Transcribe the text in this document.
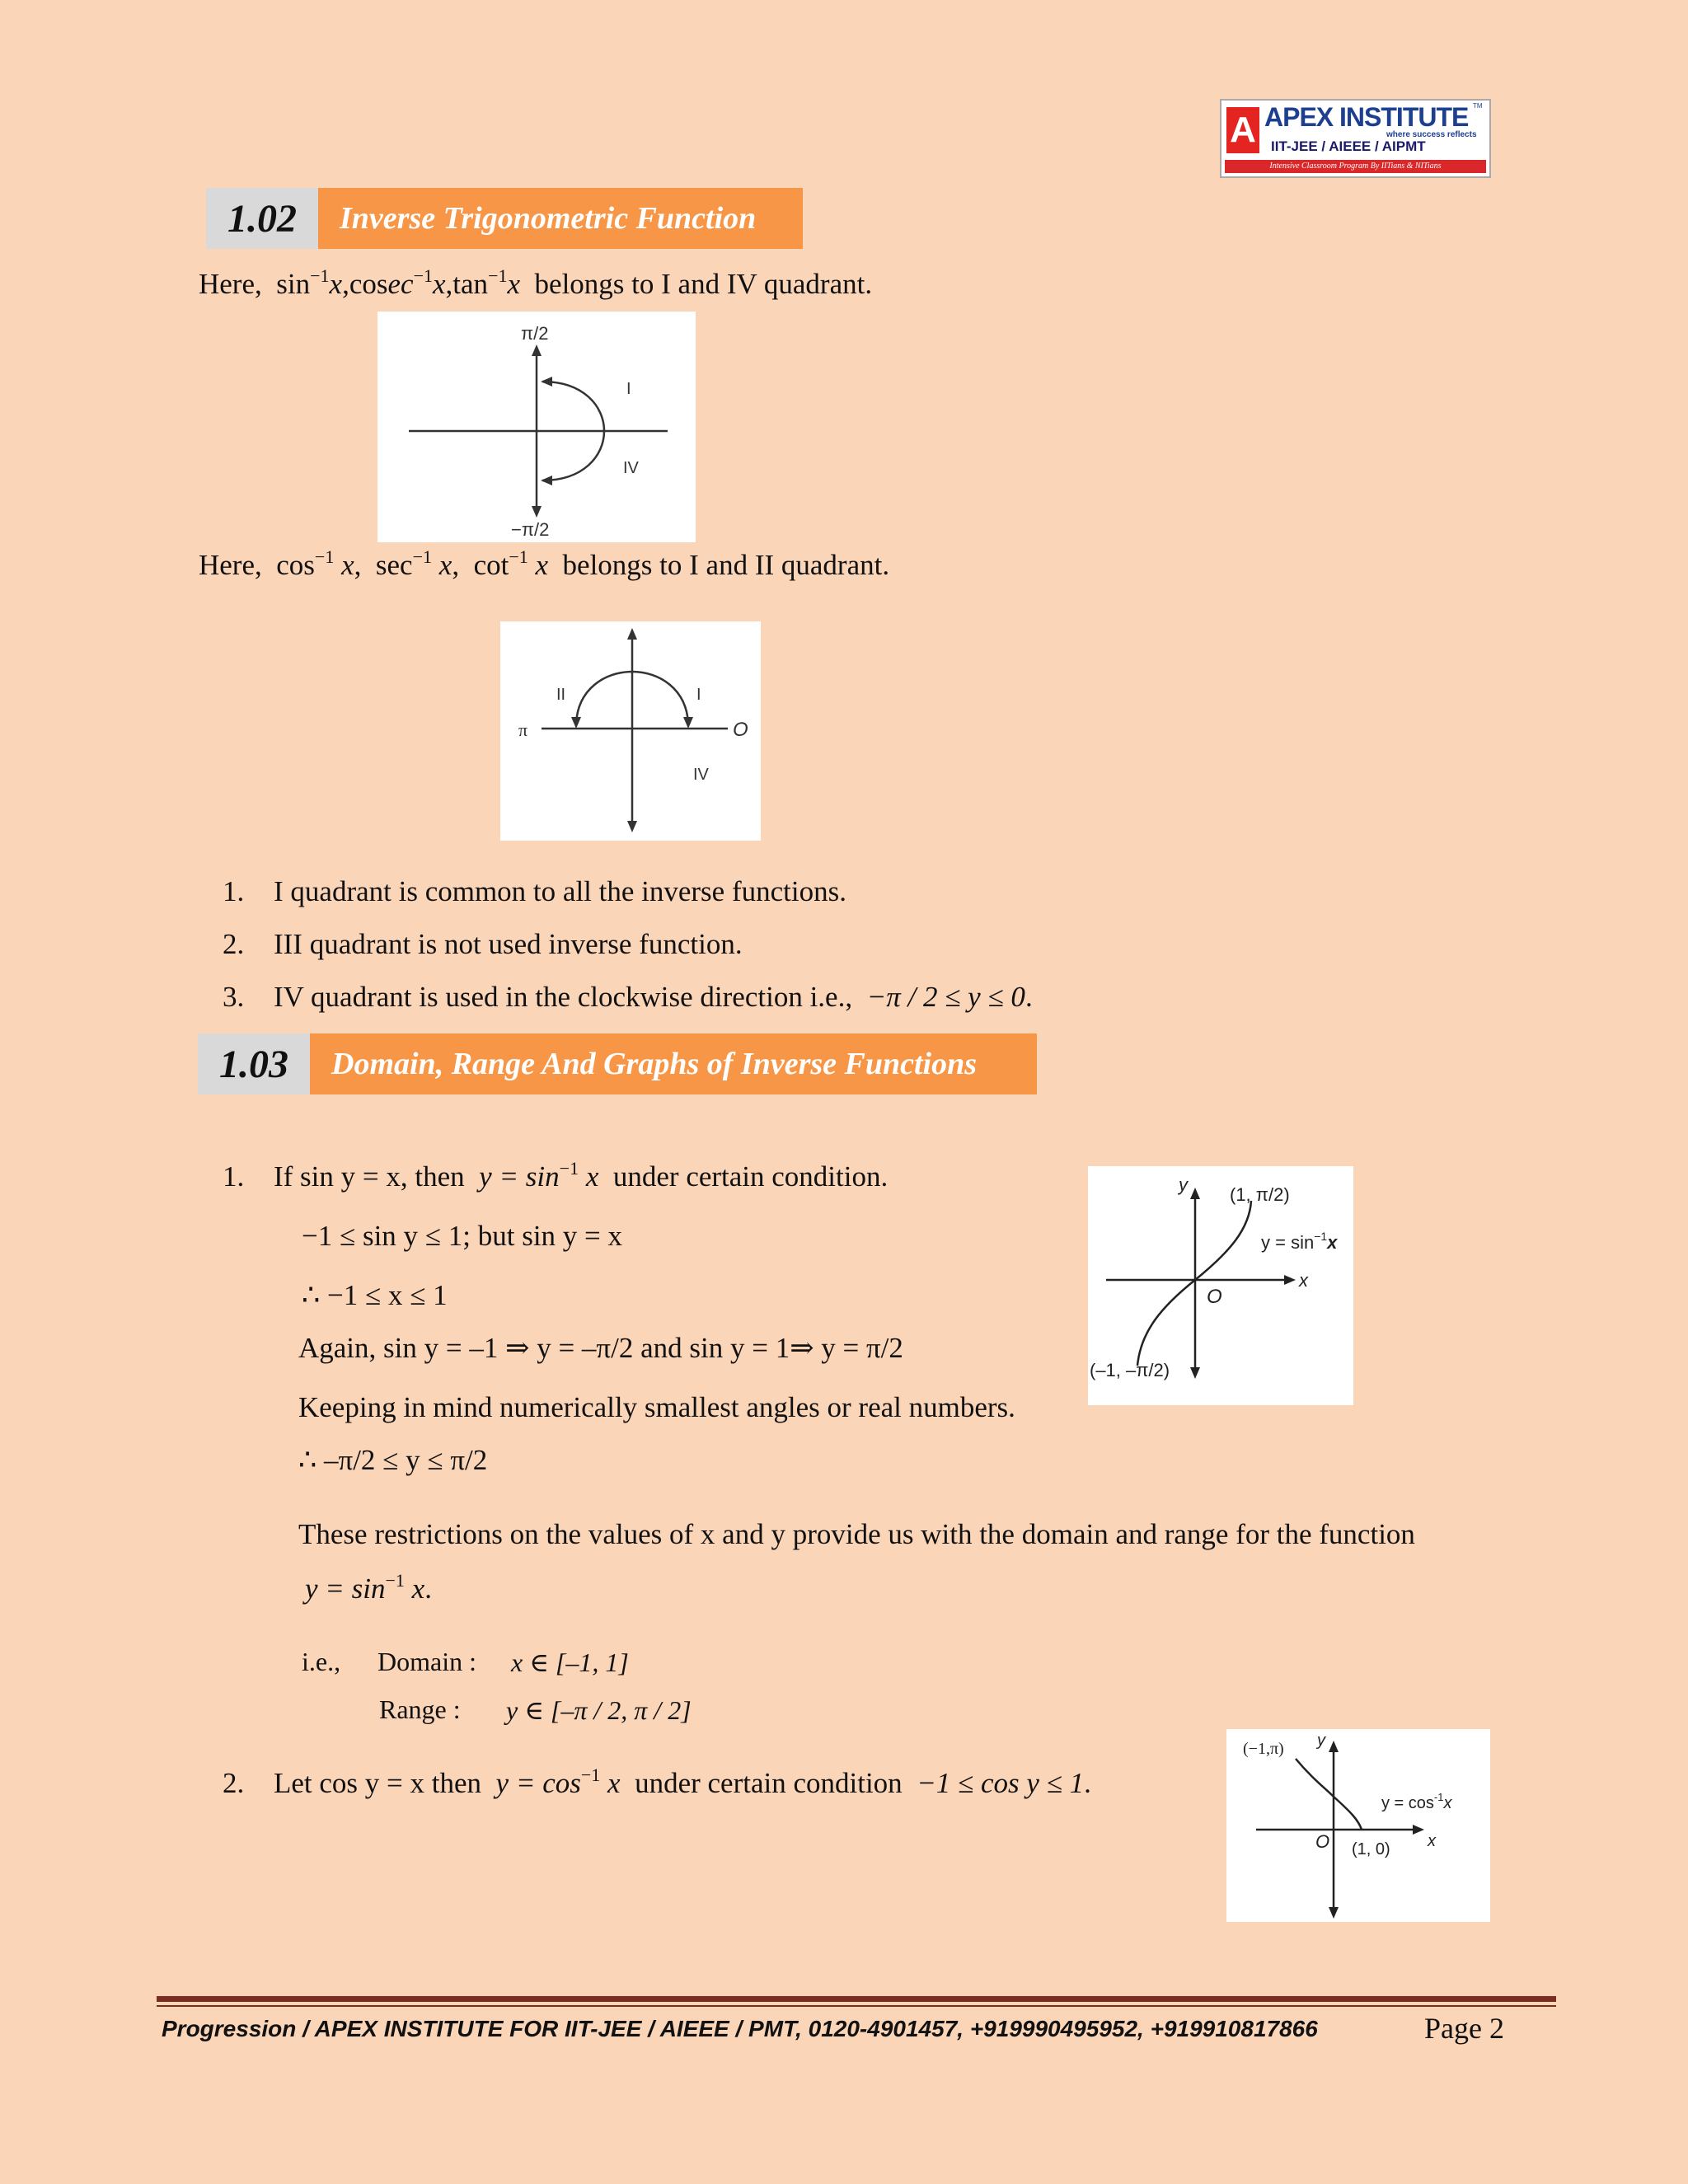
A APEX INSTITUTE TM
where success reflects
IIT-JEE / AIEEE / AIPMT
Intensive Classroom Program By IITians & NITians
1.02	Inverse Trigonometric Function
Here, $\sin^{-1}x,cosec^{-1}x,\tan^{-1}x$ belongs to I and IV quadrant.
π/2
−π/2
I
IV
Here, $\cos^{-1} x$, $\sec^{-1} x$, $\cot^{-1} x$ belongs to I and II quadrant.
π	O
II	I
IV
1. I quadrant is common to all the inverse functions.
2. III quadrant is not used inverse function.
3. IV quadrant is used in the clockwise direction i.e., −π / 2 ≤ y ≤ 0.
1.03	Domain, Range And Graphs of Inverse Functions
1. If sin y = x, then $y = \sin^{-1} x$ under certain condition.
−1 ≤ sin y ≤ 1; but sin y = x
∴ −1 ≤ x ≤ 1
Again, sin y = –1 ⇒ y = –π/2 and sin y = 1⇒ y = π/2
Keeping in mind numerically smallest angles or real numbers.
∴ –π/2 ≤ y ≤ π/2
These restrictions on the values of x and y provide us with the domain and range for the function
$y = \sin^{-1} x$.
i.e., Domain : x ∈ [–1, 1]
Range : y ∈ [–π / 2, π / 2]
y
x
O
(1, π/2)
(–1, –π/2)
$y = \sin^{-1}x$
2. Let cos y = x then $y = \cos^{-1} x$ under certain condition −1 ≤ cos y ≤ 1.
(−1,π) y
x
O (1, 0)
$y = \cos^{-1}x$
Progression / APEX INSTITUTE FOR IIT-JEE / AIEEE / PMT, 0120-4901457, +919990495952, +919910817866	Page 2
